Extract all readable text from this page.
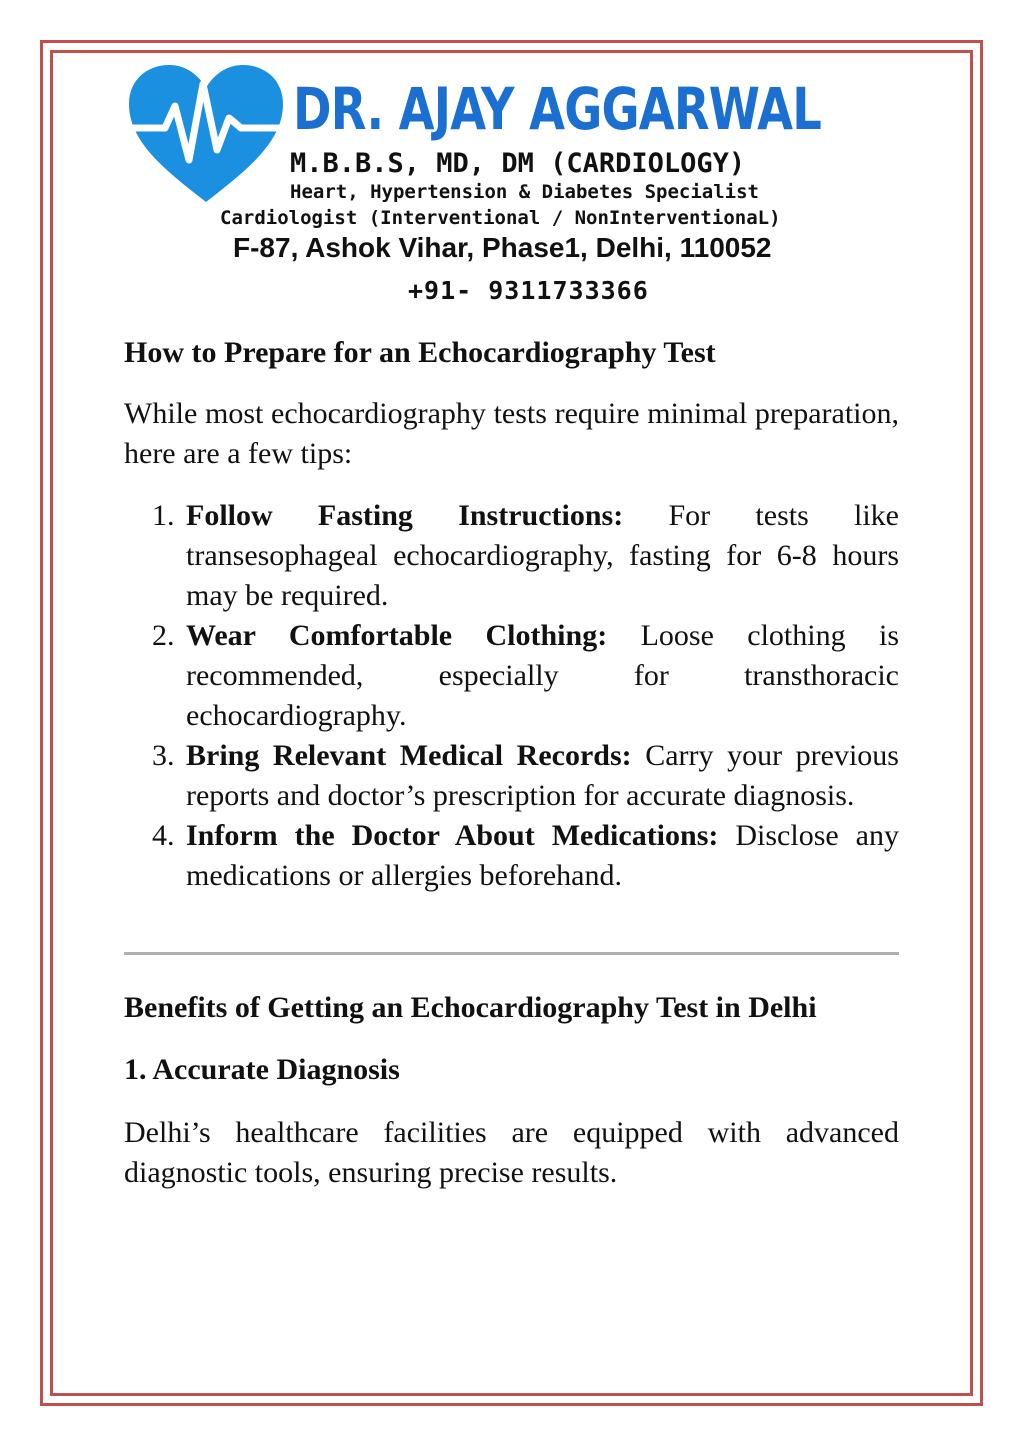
DR. AJAY AGGARWAL
M.B.B.S, MD, DM (CARDIOLOGY)
Heart, Hypertension & Diabetes Specialist
Cardiologist (Interventional / NonInterventionaL)
F-87, Ashok Vihar, Phase1, Delhi, 110052
+91- 9311733366
How to Prepare for an Echocardiography Test

While most echocardiography tests require minimal preparation, here are a few tips:

1. Follow Fasting Instructions: For tests like transesophageal echocardiography, fasting for 6-8 hours may be required.
2. Wear Comfortable Clothing: Loose clothing is recommended, especially for transthoracic echocardiography.
3. Bring Relevant Medical Records: Carry your previous reports and doctor’s prescription for accurate diagnosis.
4. Inform the Doctor About Medications: Disclose any medications or allergies beforehand.
Benefits of Getting an Echocardiography Test in Delhi
1. Accurate Diagnosis

Delhi’s healthcare facilities are equipped with advanced diagnostic tools, ensuring precise results.
